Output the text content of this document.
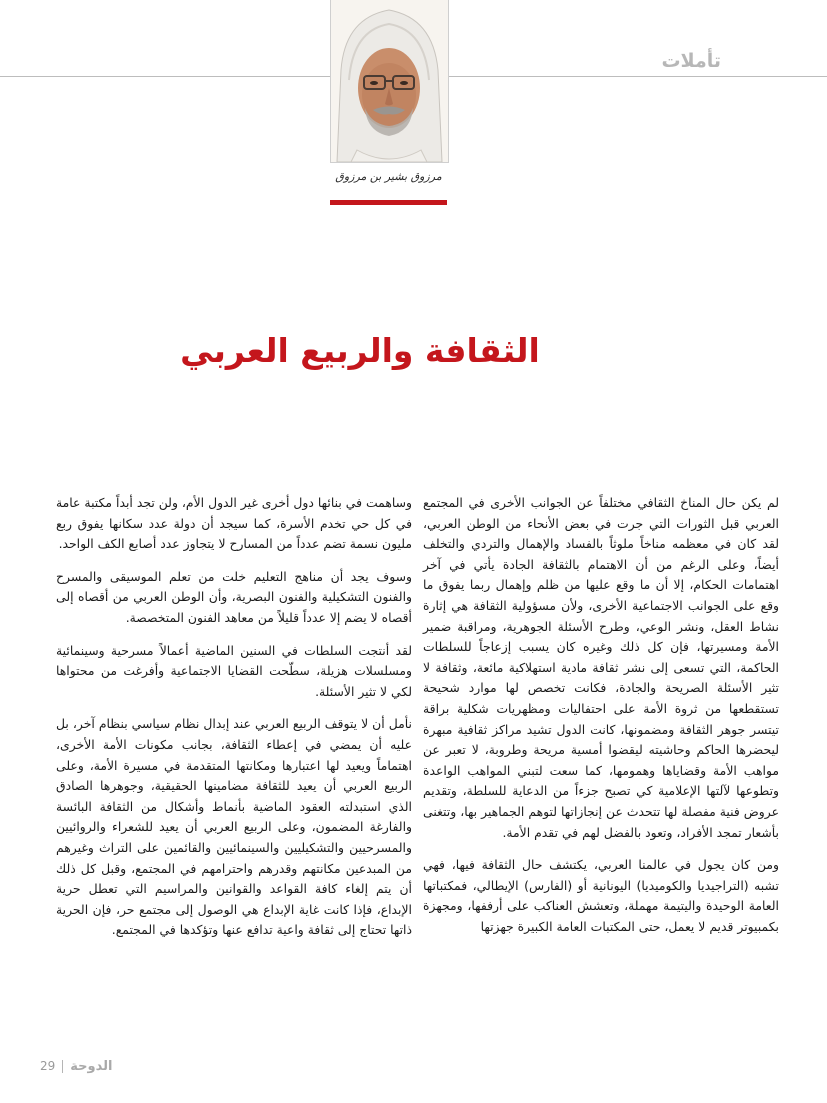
تأملات
مرزوق بشير بن مرزوق
الثقافة والربيع العربي

لم يكن حال المناخ الثقافي مختلفاً عن الجوانب الأخرى في المجتمع العربي قبل الثورات التي جرت في بعض الأنحاء من الوطن العربي، لقد كان في معظمه مناخاً ملوثاً بالفساد والإهمال والتردي والتخلف أيضاً، وعلى الرغم من أن الاهتمام بالثقافة الجادة يأتي في آخر اهتمامات الحكام، إلا أن ما وقع عليها من ظلم وإهمال ربما يفوق ما وقع على الجوانب الاجتماعية الأخرى، ولأن مسؤولية الثقافة هي إثارة نشاط العقل، ونشر الوعي، وطرح الأسئلة الجوهرية، ومراقبة ضمير الأمة ومسيرتها، فإن كل ذلك وغيره كان يسبب إزعاجاً للسلطات الحاكمة، التي تسعى إلى نشر ثقافة مادية استهلاكية مائعة، وثقافة لا تثير الأسئلة الصريحة والجادة، فكانت تخصص لها موارد شحيحة تستقطعها من ثروة الأمة على احتفاليات ومظهريات شكلية براقة تيتسر جوهر الثقافة ومضمونها، كانت الدول تشيد مراكز ثقافية مبهرة ليحضرها الحاكم وحاشيته ليقضوا أمسية مريحة وطروبة، لا تعبر عن مواهب الأمة وقضاياها وهمومها، كما سعت لتبني المواهب الواعدة وتطوعها لآلتها الإعلامية كي تصبح جزءاً من الدعاية للسلطة، وتقديم عروض فنية مفصلة لها تتحدث عن إنجازاتها لتوهم الجماهير بها، وتتغنى بأشعار تمجد الأفراد، وتعود بالفضل لهم في تقدم الأمة.

ومن كان يجول في عالمنا العربي، يكتشف حال الثقافة فيها، فهي تشبه (التراجيديا والكوميديا) اليونانية أو (الفارس) الإيطالي، فمكتباتها العامة الوحيدة واليتيمة مهملة، وتعشش العناكب على أرففها، ومجهزة بكمبيوتر قديم لا يعمل، حتى المكتبات العامة الكبيرة جهزتها

وساهمت في بنائها دول أخرى غير الدول الأم، ولن تجد أبداً مكتبة عامة في كل حي تخدم الأسرة، كما سيجد أن دولة عدد سكانها يفوق ربع مليون نسمة تضم عدداً من المسارح لا يتجاوز عدد أصابع الكف الواحد.

وسوف يجد أن مناهج التعليم خلت من تعلم الموسيقى والمسرح والفنون التشكيلية والفنون البصرية، وأن الوطن العربي من أقصاه إلى أقصاه لا يضم إلا عدداً قليلاً من معاهد الفنون المتخصصة.

لقد أنتجت السلطات في السنين الماضية أعمالاً مسرحية وسينمائية ومسلسلات هزيلة، سطّحت القضايا الاجتماعية وأفرغت من محتواها لكي لا تثير الأسئلة.

نأمل أن لا يتوقف الربيع العربي عند إبدال نظام سياسي بنظام آخر، بل عليه أن يمضي في إعطاء الثقافة، بجانب مكونات الأمة الأخرى، اهتماماً ويعيد لها اعتبارها ومكانتها المتقدمة في مسيرة الأمة، وعلى الربيع العربي أن يعيد للثقافة مضامينها الحقيقية، وجوهرها الصادق الذي استبدلته العقود الماضية بأنماط وأشكال من الثقافة البائسة والفارغة المضمون، وعلى الربيع العربي أن يعيد للشعراء والروائيين والمسرحيين والتشكيليين والسينمائيين والقائمين على التراث وغيرهم من المبدعين مكانتهم وقدرهم واحترامهم في المجتمع، وقبل كل ذلك أن يتم إلغاء كافة القواعد والقوانين والمراسيم التي تعطل حرية الإبداع، فإذا كانت غاية الإبداع هي الوصول إلى مجتمع حر، فإن الحرية ذاتها تحتاج إلى ثقافة واعية تدافع عنها وتؤكدها في المجتمع.

29 الدوحة
